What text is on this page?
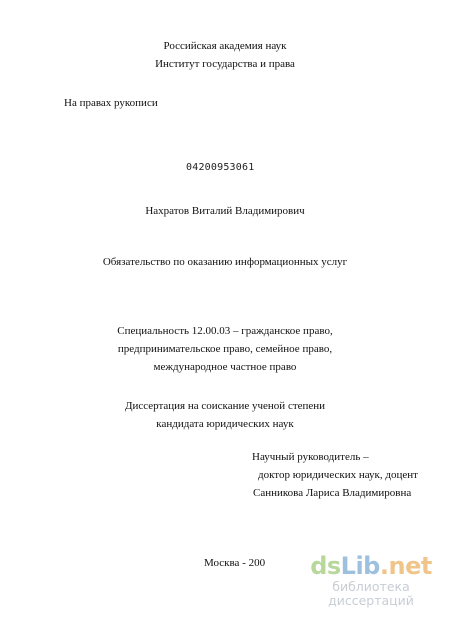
Российская академия наук
Институт государства и права
На правах рукописи
04200953061
Нахратов Виталий Владимирович
Обязательство по оказанию информационных услуг
Специальность 12.00.03 – гражданское право,
предпринимательское право, семейное право,
международное частное право
Диссертация на соискание ученой степени
кандидата юридических наук
Научный руководитель –
доктор юридических наук, доцент
Санникова Лариса Владимировна
Москва - 200 dsLib.net
библиотека диссертаций
